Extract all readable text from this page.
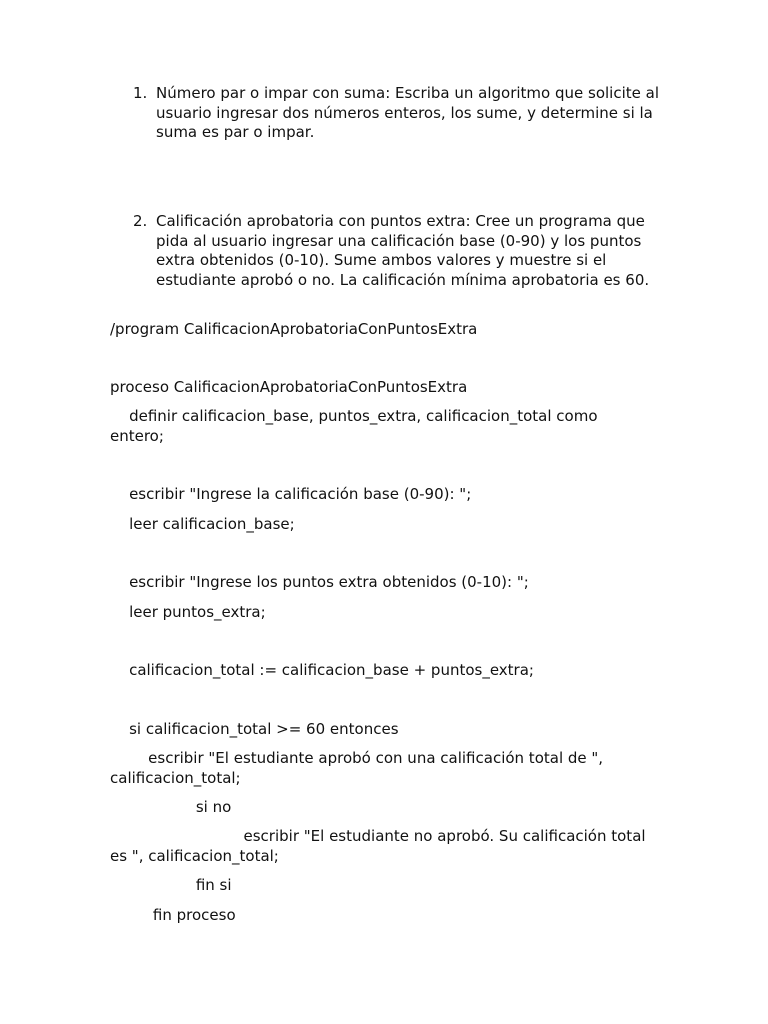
1. Número par o impar con suma: Escriba un algoritmo que solicite al usuario ingresar dos números enteros, los sume, y determine si la suma es par o impar.
2. Calificación aprobatoria con puntos extra: Cree un programa que pida al usuario ingresar una calificación base (0-90) y los puntos extra obtenidos (0-10). Sume ambos valores y muestre si el estudiante aprobó o no. La calificación mínima aprobatoria es 60.
/program CalificacionAprobatoriaConPuntosExtra
proceso CalificacionAprobatoriaConPuntosExtra
definir calificacion_base, puntos_extra, calificacion_total como entero;
escribir "Ingrese la calificación base (0-90): ";
leer calificacion_base;
escribir "Ingrese los puntos extra obtenidos (0-10): ";
leer puntos_extra;
calificacion_total := calificacion_base + puntos_extra;
si calificacion_total >= 60 entonces
escribir "El estudiante aprobó con una calificación total de ", calificacion_total;
si no
escribir "El estudiante no aprobó. Su calificación total es ", calificacion_total;
fin si
fin proceso
